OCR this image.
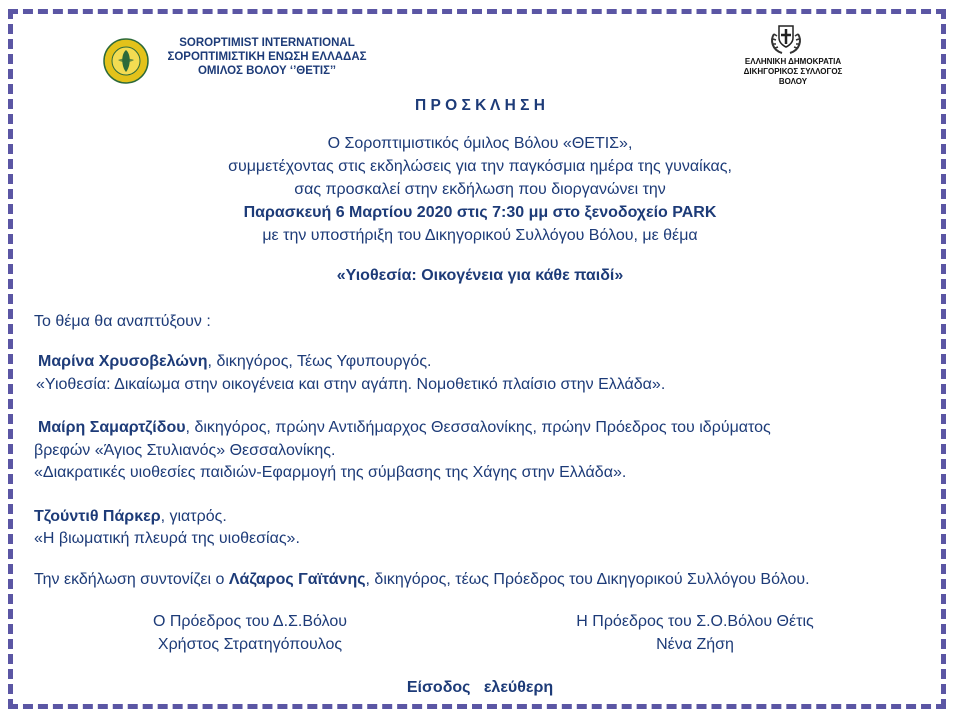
SOROPTIMIST INTERNATIONAL
ΣΟΡΟΠΤΙΜΙΣΤΙΚΗ ΕΝΩΣΗ ΕΛΛΑΔΑΣ
ΟΜΙΛΟΣ ΒΟΛΟΥ ‘’ΘΕΤΙΣ’’
ΕΛΛΗΝΙΚΗ ΔΗΜΟΚΡΑΤΙΑ
ΔΙΚΗΓΟΡΙΚΟΣ ΣΥΛΛΟΓΟΣ
ΒΟΛΟΥ
Π Ρ Ο Σ Κ Λ Η Σ Η
Ο Σοροπτιμιστικός όμιλος Βόλου «ΘΕΤΙΣ»,
συμμετέχοντας στις εκδηλώσεις για την παγκόσμια ημέρα της γυναίκας,
σας προσκαλεί στην εκδήλωση που διοργανώνει την
Παρασκευή 6 Μαρτίου 2020 στις 7:30 μμ στο ξενοδοχείο PARK
με την υποστήριξη του Δικηγορικού Συλλόγου Βόλου, με θέμα
«Υιοθεσία: Οικογένεια για κάθε παιδί»
Το θέμα θα αναπτύξουν :
Μαρίνα Χρυσοβελώνη, δικηγόρος, Τέως Υφυπουργός.
«Υιοθεσία: Δικαίωμα στην οικογένεια και στην αγάπη. Νομοθετικό πλαίσιο στην Ελλάδα».
Μαίρη Σαμαρτζίδου, δικηγόρος, πρώην Αντιδήμαρχος Θεσσαλονίκης, πρώην Πρόεδρος του ιδρύματος
βρεφών «Άγιος Στυλιανός» Θεσσαλονίκης.
«Διακρατικές υιοθεσίες παιδιών-Εφαρμογή της σύμβασης της Χάγης στην Ελλάδα».
Τζούντιθ Πάρκερ, γιατρός.
«Η βιωματική πλευρά της υιοθεσίας».
Την εκδήλωση συντονίζει ο Λάζαρος Γαϊτάνης, δικηγόρος, τέως Πρόεδρος του Δικηγορικού Συλλόγου Βόλου.
Ο Πρόεδρος του Δ.Σ.Βόλου
Χρήστος Στρατηγόπουλος
Η Πρόεδρος του Σ.Ο.Βόλου Θέτις
Νένα Ζήση
Είσοδος   ελεύθερη
